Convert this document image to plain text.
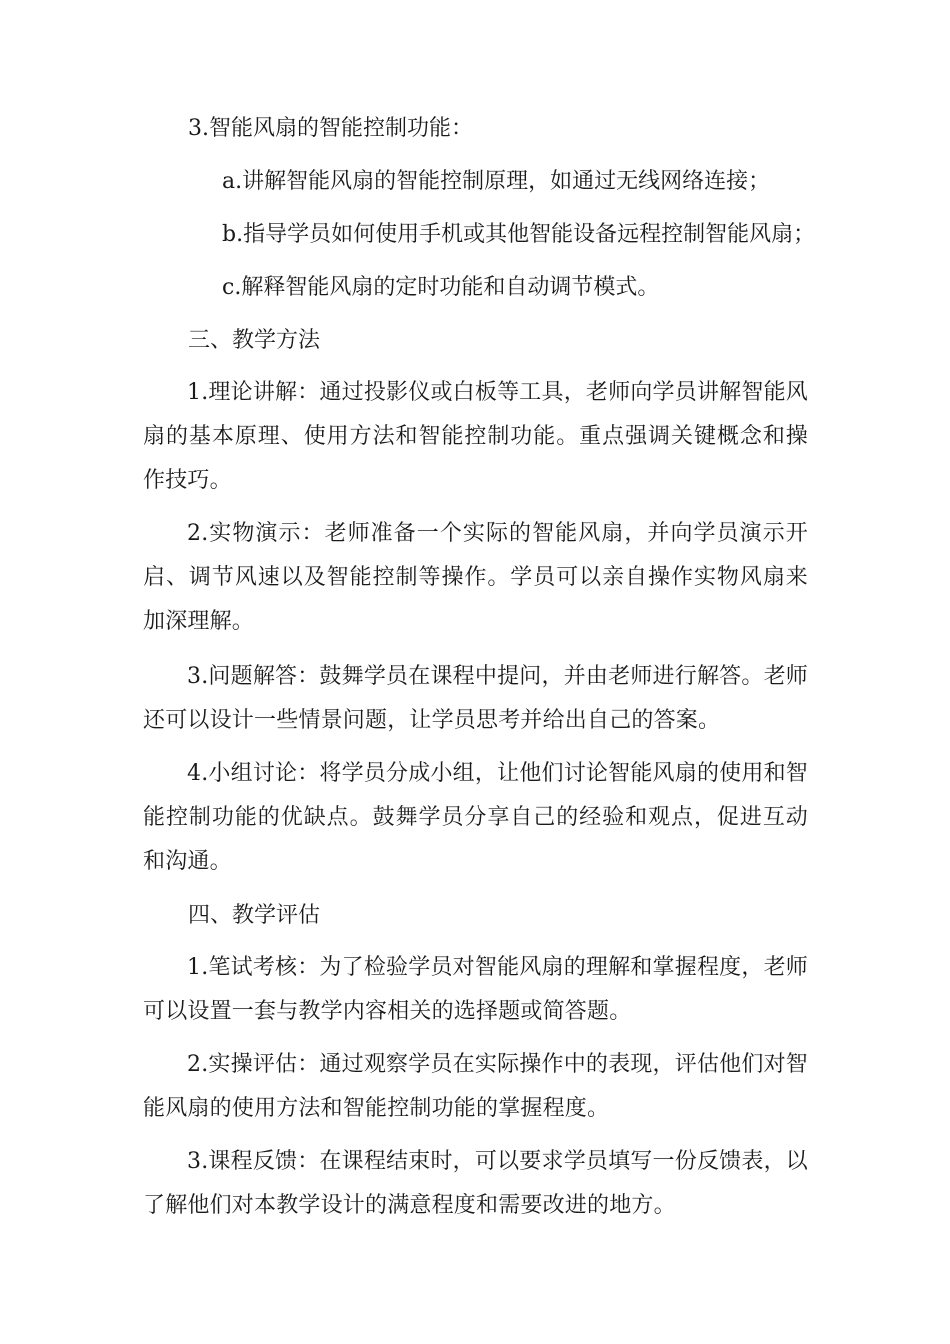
3.智能风扇的智能控制功能：

a.讲解智能风扇的智能控制原理，如通过无线网络连接；

b.指导学员如何使用手机或其他智能设备远程控制智能风扇；

c.解释智能风扇的定时功能和自动调节模式。

三、教学方法

1.理论讲解：通过投影仪或白板等工具，老师向学员讲解智能风扇的基本原理、使用方法和智能控制功能。重点强调关键概念和操作技巧。

2.实物演示：老师准备一个实际的智能风扇，并向学员演示开启、调节风速以及智能控制等操作。学员可以亲自操作实物风扇来加深理解。

3.问题解答：鼓舞学员在课程中提问，并由老师进行解答。老师还可以设计一些情景问题，让学员思考并给出自己的答案。

4.小组讨论：将学员分成小组，让他们讨论智能风扇的使用和智能控制功能的优缺点。鼓舞学员分享自己的经验和观点，促进互动和沟通。

四、教学评估

1.笔试考核：为了检验学员对智能风扇的理解和掌握程度，老师可以设置一套与教学内容相关的选择题或简答题。

2.实操评估：通过观察学员在实际操作中的表现，评估他们对智能风扇的使用方法和智能控制功能的掌握程度。

3.课程反馈：在课程结束时，可以要求学员填写一份反馈表，以了解他们对本教学设计的满意程度和需要改进的地方。
